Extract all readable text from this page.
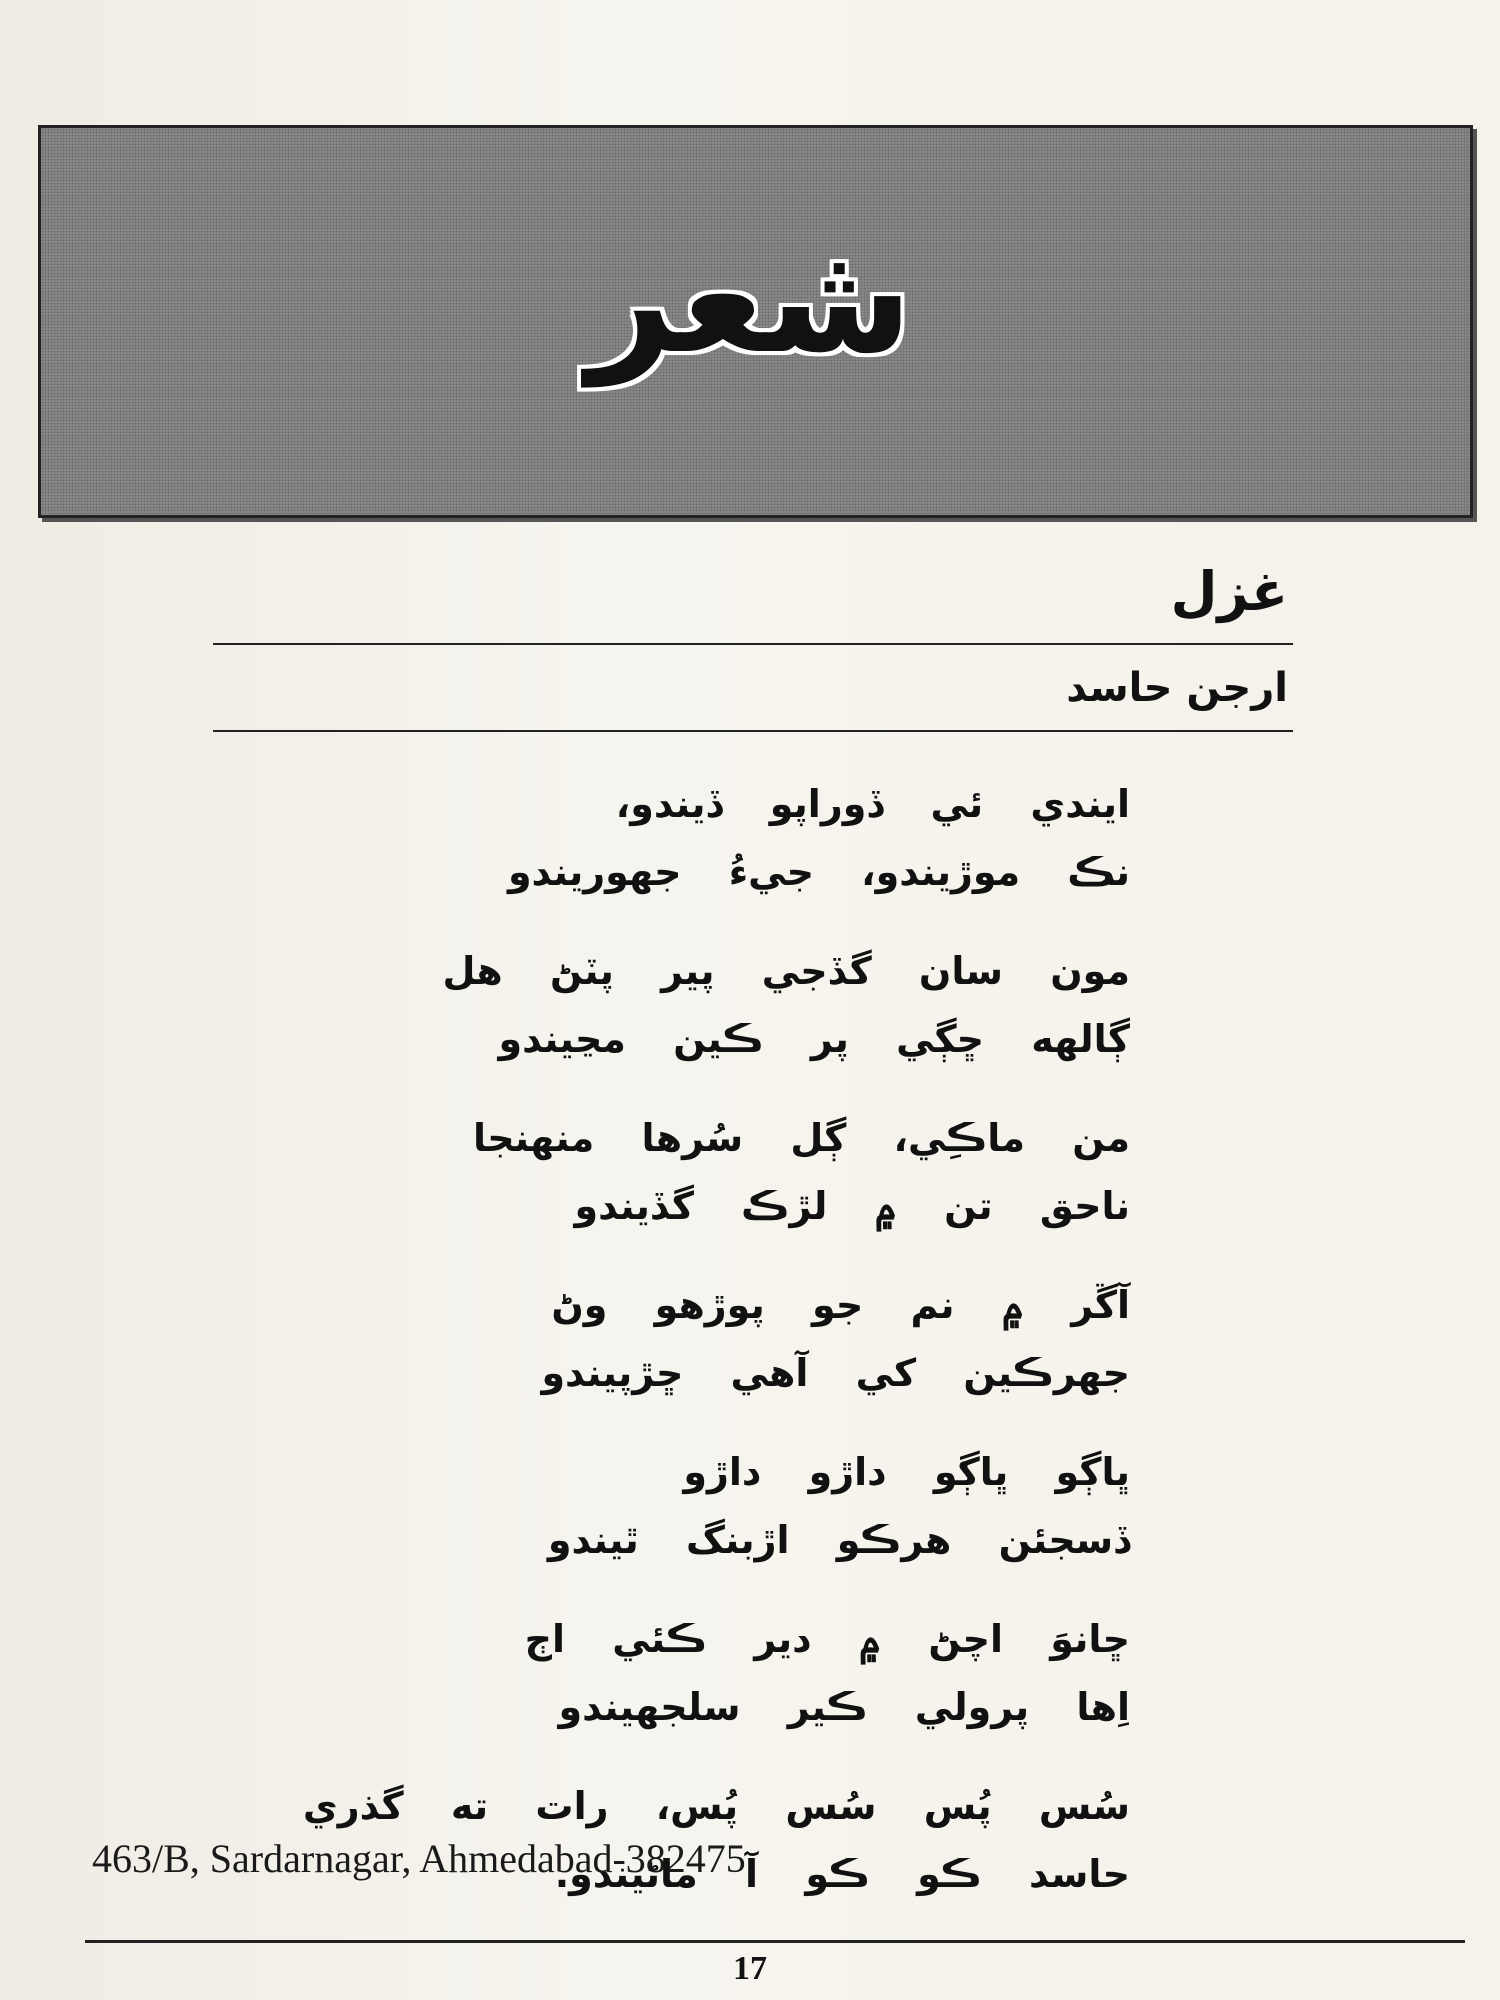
شعر
غزل
ارجن حاسد
ايندي ئي ڏوراپو ڏيندو،
نڪ موڙيندو، جيءُ جهوريندو
مون سان گڏجي پير پٽڻ هل
ڳالهه ڇڳي پر ڪين مڃيندو
من ماڪِي، ڳل سُرها منهنجا
ناحق تن ۾ لڙڪ گڏيندو
آڱر ۾ نم جو پوڙهو وڻ
جهرڪين کي آهي ڇڙپيندو
ڀاڳو ڀاڳو داڙو داڙو
ڏسجئن هرڪو اڙبنگ ٿيندو
ڇانوَ اچڻ ۾ دير ڪئي اڄ
اِها پرولي ڪير سلجهيندو
سُس پُس سُس پُس، رات ته گذري
حاسد ڪو ڪو آ ماڻيندو.
463/B, Sardarnagar, Ahmedabad-382475
17
